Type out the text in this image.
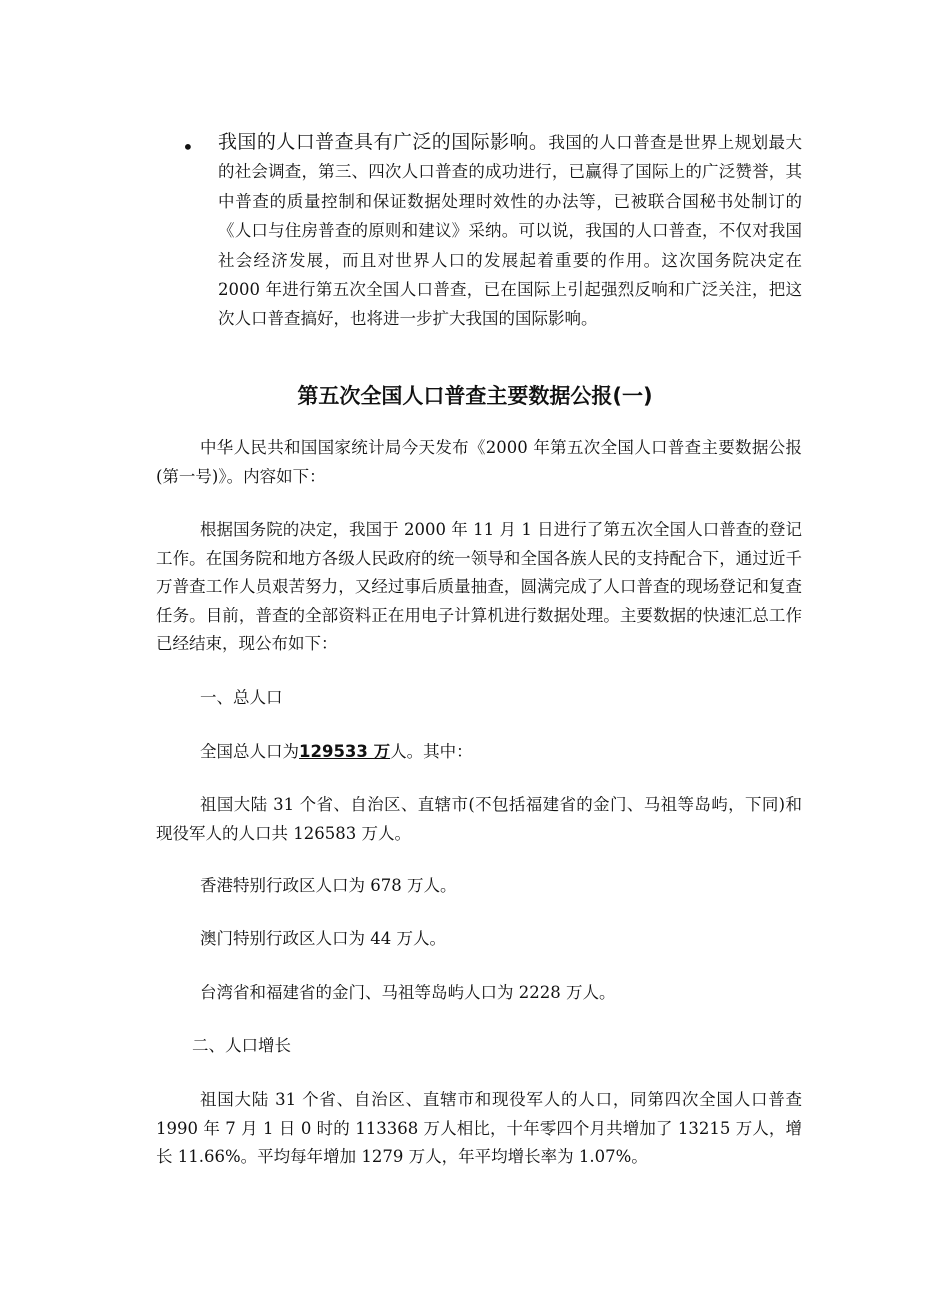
• 我国的人口普查具有广泛的国际影响。我国的人口普查是世界上规划最大的社会调查，第三、四次人口普查的成功进行，已赢得了国际上的广泛赞誉，其中普查的质量控制和保证数据处理时效性的办法等，已被联合国秘书处制订的《人口与住房普查的原则和建议》采纳。可以说，我国的人口普查，不仅对我国社会经济发展，而且对世界人口的发展起着重要的作用。这次国务院决定在 2000 年进行第五次全国人口普查，已在国际上引起强烈反响和广泛关注，把这次人口普查搞好，也将进一步扩大我国的国际影响。
第五次全国人口普查主要数据公报(一)
中华人民共和国国家统计局今天发布《2000 年第五次全国人口普查主要数据公报(第一号)》。内容如下：
根据国务院的决定，我国于 2000 年 11 月 1 日进行了第五次全国人口普查的登记工作。在国务院和地方各级人民政府的统一领导和全国各族人民的支持配合下，通过近千万普查工作人员艰苦努力，又经过事后质量抽查，圆满完成了人口普查的现场登记和复查任务。目前，普查的全部资料正在用电子计算机进行数据处理。主要数据的快速汇总工作已经结束，现公布如下：
一、总人口
全国总人口为129533 万人。其中：
祖国大陆 31 个省、自治区、直辖市(不包括福建省的金门、马祖等岛屿，下同)和现役军人的人口共 126583 万人。
香港特别行政区人口为 678 万人。
澳门特别行政区人口为 44 万人。
台湾省和福建省的金门、马祖等岛屿人口为 2228 万人。
二、人口增长
祖国大陆 31 个省、自治区、直辖市和现役军人的人口，同第四次全国人口普查 1990 年 7 月 1 日 0 时的 113368 万人相比，十年零四个月共增加了 13215 万人，增长 11.66%。平均每年增加 1279 万人，年平均增长率为 1.07%。
